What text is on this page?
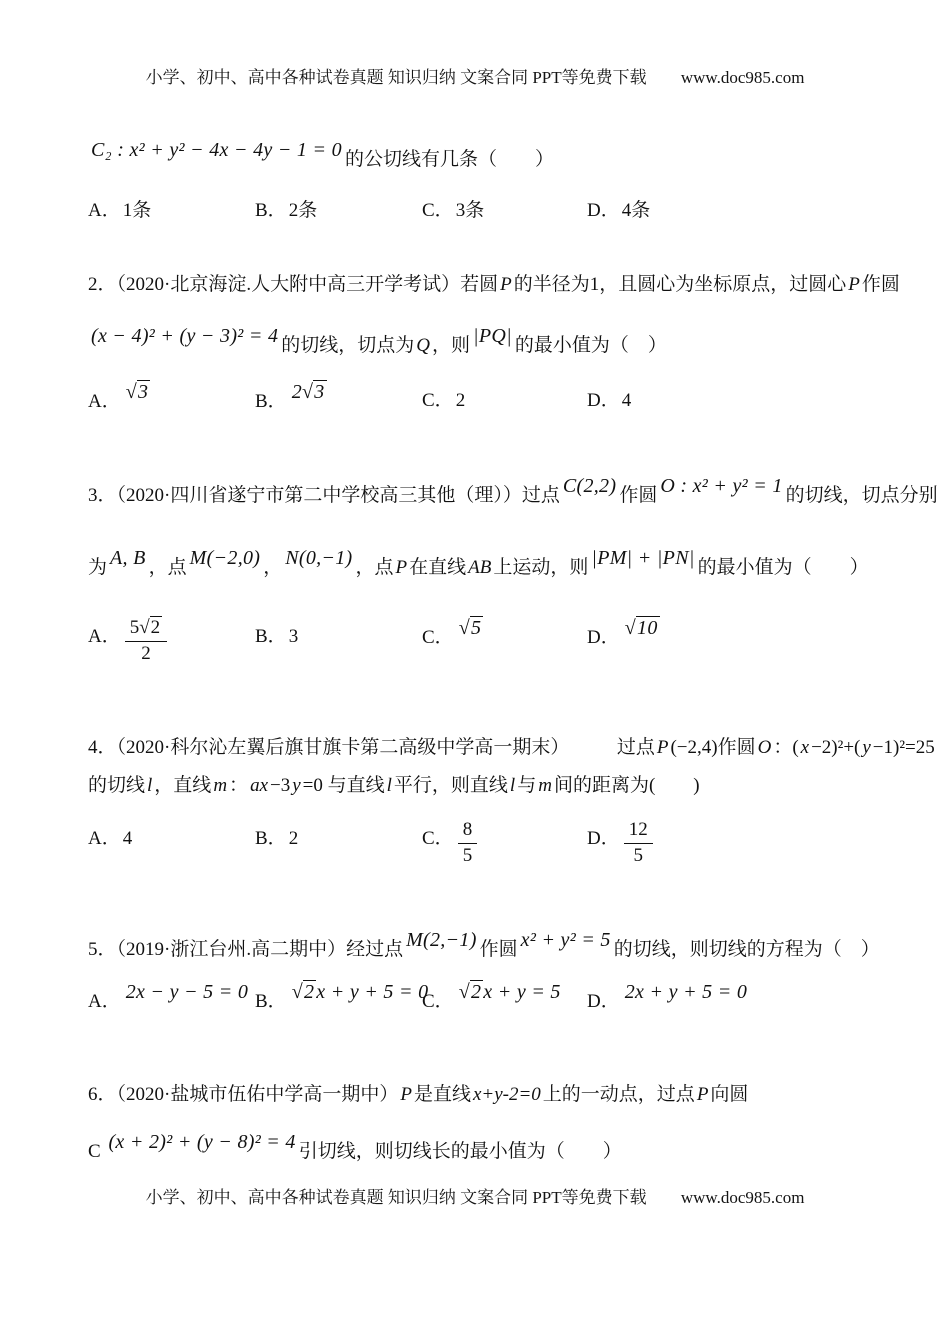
小学、初中、高中各种试卷真题 知识归纳 文案合同 PPT等免费下载 www.doc985.com
C₂ : x² + y² − 4x − 4y − 1 = 0 的公切线有几条（　　）
A． 1条	B． 2条	C． 3条	D． 4条
2．（2020·北京海淀.人大附中高三开学考试）若圆 P 的半径为1，且圆心为坐标原点，过圆心 P 作圆
(x − 4)² + (y − 3)² = 4 的切线，切点为 Q ，则 |PQ| 的最小值为（　）
A． √3	B． 2√3	C． 2	D． 4
3．（2020·四川省遂宁市第二中学校高三其他（理））过点 C(2,2) 作圆 O : x² + y² = 1 的切线，切点分别
为 A, B ，点 M(−2,0) ， N(0,−1) ，点 P 在直线 AB 上运动，则 |PM| + |PN| 的最小值为（　　）
A． $\frac{5√2}{2}$	B． 3	C． √5	D． √10
4．（2020·科尔沁左翼后旗甘旗卡第二高级中学高一期末）　　　过点 P (−2,4)作圆 O ：( x −2)²+( y −1)²=25
的切线 l ，直线 m ： ax −3 y =0 与直线 l 平行，则直线 l 与 m 间的距离为(　　)
A． 4	B． 2	C． $\frac{8}{5}$	D． $\frac{12}{5}$
5．（2019·浙江台州.高二期中）经过点 M(2,−1) 作圆 x² + y² = 5 的切线，则切线的方程为（　）
A． 2x − y − 5 = 0 B． √2 x + y + 5 = 0
C． √2 x + y = 5	D． 2x + y + 5 = 0
6．（2020·盐城市伍佑中学高一期中） P 是直线 x+y-2=0 上的一动点，过点 P 向圆
C (x + 2)² + (y − 8)² = 4 引切线，则切线长的最小值为（　　）
小学、初中、高中各种试卷真题 知识归纳 文案合同 PPT等免费下载 www.doc985.com
